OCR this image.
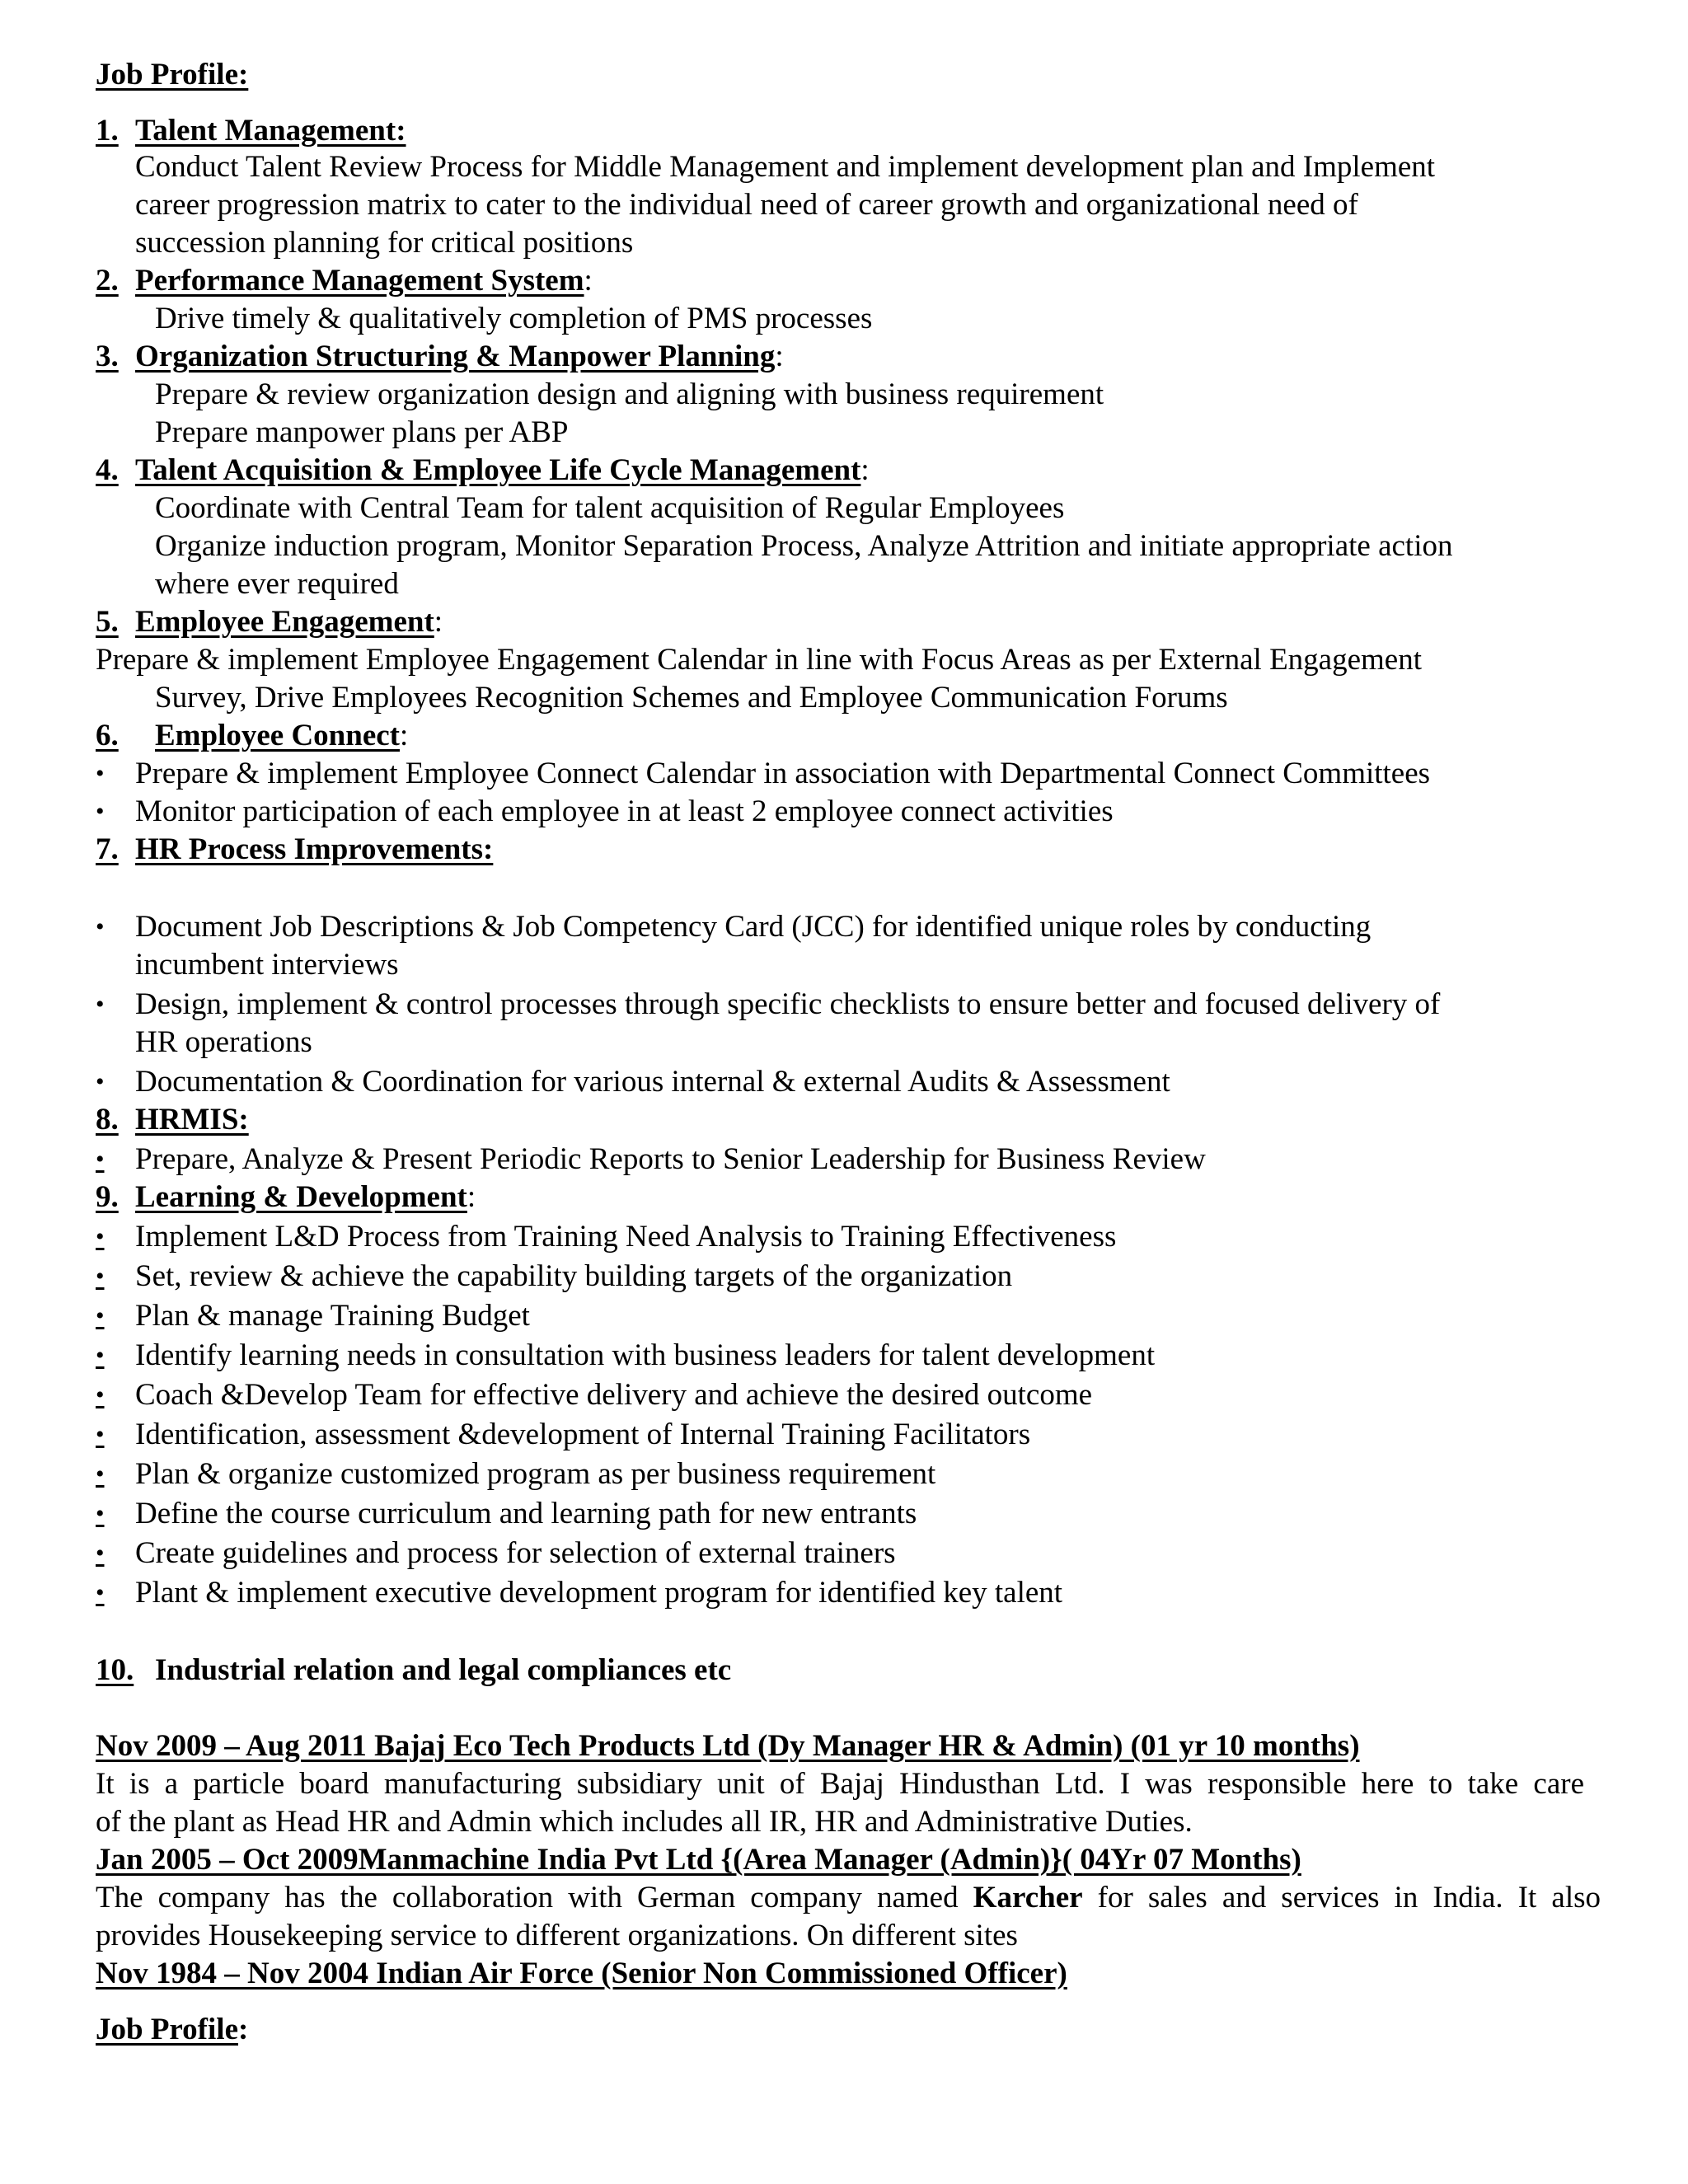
Job Profile:
1. Talent Management:
Conduct Talent Review Process for Middle Management and implement development plan and Implement
career progression matrix to cater to the individual need of career growth and organizational need of
succession planning for critical positions
2. Performance Management System:
Drive timely & qualitatively completion of PMS processes
3. Organization Structuring & Manpower Planning:
Prepare & review organization design and aligning with business requirement
Prepare manpower plans per ABP
4. Talent Acquisition & Employee Life Cycle Management:
Coordinate with Central Team for talent acquisition of Regular Employees
Organize induction program, Monitor Separation Process, Analyze Attrition and initiate appropriate action
where ever required
5. Employee Engagement:
Prepare & implement Employee Engagement Calendar in line with Focus Areas as per External Engagement
Survey, Drive Employees Recognition Schemes and Employee Communication Forums
6. Employee Connect:
• Prepare & implement Employee Connect Calendar in association with Departmental Connect Committees
• Monitor participation of each employee in at least 2 employee connect activities
7. HR Process Improvements:
• Document Job Descriptions & Job Competency Card (JCC) for identified unique roles by conducting
incumbent interviews
• Design, implement & control processes through specific checklists to ensure better and focused delivery of
HR operations
• Documentation & Coordination for various internal & external Audits & Assessment
8. HRMIS:
• Prepare, Analyze & Present Periodic Reports to Senior Leadership for Business Review
9. Learning & Development:
• Implement L&D Process from Training Need Analysis to Training Effectiveness
• Set, review & achieve the capability building targets of the organization
• Plan & manage Training Budget
• Identify learning needs in consultation with business leaders for talent development
• Coach &Develop Team for effective delivery and achieve the desired outcome
• Identification, assessment &development of Internal Training Facilitators
• Plan & organize customized program as per business requirement
• Define the course curriculum and learning path for new entrants
• Create guidelines and process for selection of external trainers
• Plant & implement executive development program for identified key talent
10. Industrial relation and legal compliances etc
Nov 2009 – Aug 2011 Bajaj Eco Tech Products Ltd (Dy Manager HR & Admin) (01 yr 10 months)
It is a particle board manufacturing subsidiary unit of Bajaj Hindusthan Ltd. I was responsible here to take care
of the plant as Head HR and Admin which includes all IR, HR and Administrative Duties.
Jan 2005 – Oct 2009Manmachine India Pvt Ltd {(Area Manager (Admin)}( 04Yr 07 Months)
The company has the collaboration with German company named Karcher for sales and services in India. It also
provides Housekeeping service to different organizations. On different sites
Nov 1984 – Nov 2004 Indian Air Force (Senior Non Commissioned Officer)
Job Profile:
